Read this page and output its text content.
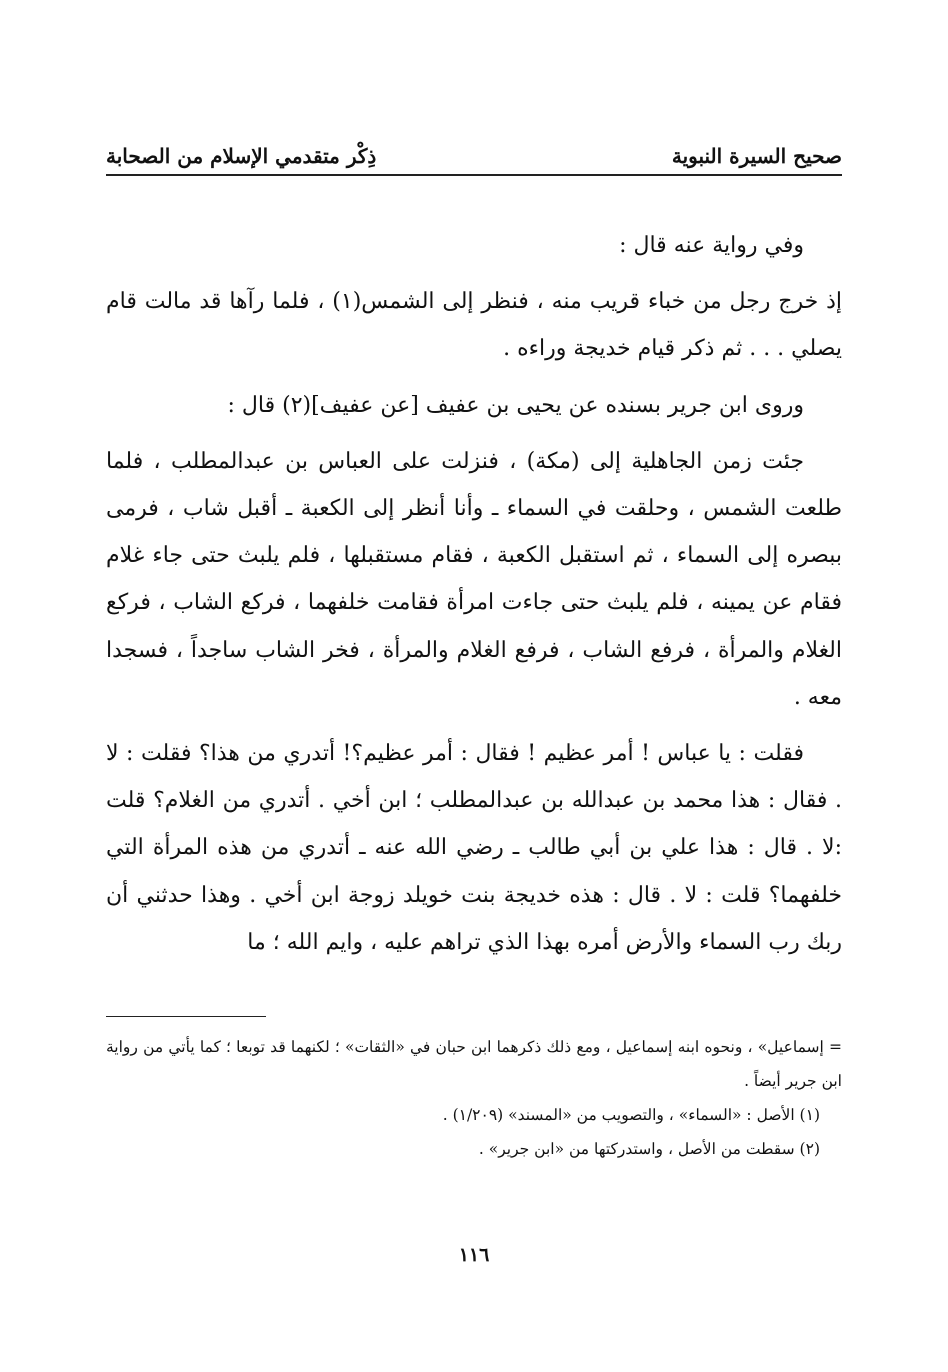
صحيح السيرة النبوية
ذِكْر متقدمي الإسلام من الصحابة

وفي رواية عنه قال :

إذ خرج رجل من خباء قريب منه ، فنظر إلى الشمس(١) ، فلما رآها قد مالت قام يصلي . . . ثم ذكر قيام خديجة وراءه .

وروى ابن جرير بسنده عن يحيى بن عفيف [عن عفيف](٢) قال :

جئت زمن الجاهلية إلى (مكة) ، فنزلت على العباس بن عبدالمطلب ، فلما طلعت الشمس ، وحلقت في السماء ـ وأنا أنظر إلى الكعبة ـ أقبل شاب ، فرمى ببصره إلى السماء ، ثم استقبل الكعبة ، فقام مستقبلها ، فلم يلبث حتى جاء غلام فقام عن يمينه ، فلم يلبث حتى جاءت امرأة فقامت خلفهما ، فركع الشاب ، فركع الغلام والمرأة ، فرفع الشاب ، فرفع الغلام والمرأة ، فخر الشاب ساجداً ، فسجدا معه .

فقلت : يا عباس ! أمر عظيم ! فقال : أمر عظيم؟! أتدري من هذا؟ فقلت : لا . فقال : هذا محمد بن عبدالله بن عبدالمطلب ؛ ابن أخي . أتدري من الغلام؟ قلت :لا . قال : هذا علي بن أبي طالب ـ رضي الله عنه ـ أتدري من هذه المرأة التي خلفهما؟ قلت : لا . قال : هذه خديجة بنت خويلد زوجة ابن أخي . وهذا حدثني أن ربك رب السماء والأرض أمره بهذا الذي تراهم عليه ، وايم الله ؛ ما

= إسماعيل» ، ونحوه ابنه إسماعيل ، ومع ذلك ذكرهما ابن حبان في «الثقات» ؛ لكنهما قد توبعا ؛ كما يأتي من رواية ابن جرير أيضاً .

(١) الأصل : «السماء» ، والتصويب من «المسند» (١/٢٠٩) .

(٢) سقطت من الأصل ، واستدركتها من «ابن جرير» .

١١٦
